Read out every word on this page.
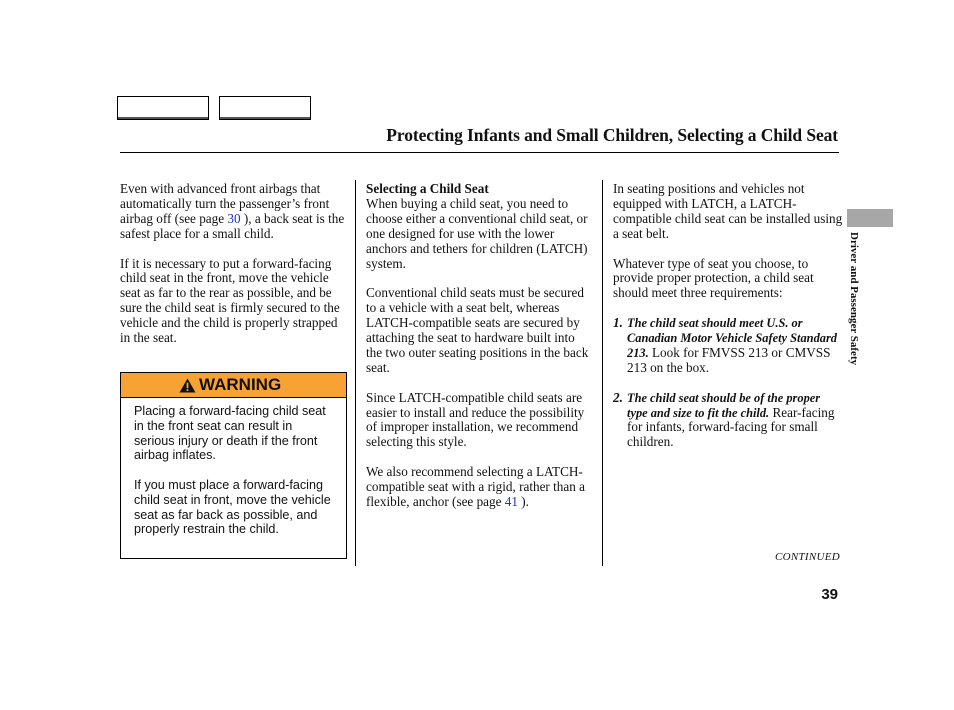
Protecting Infants and Small Children, Selecting a Child Seat

Even with advanced front airbags that automatically turn the passenger’s front airbag off (see page 30 ), a back seat is the safest place for a small child.

If it is necessary to put a forward-facing child seat in the front, move the vehicle seat as far to the rear as possible, and be sure the child seat is firmly secured to the vehicle and the child is properly strapped in the seat.

WARNING

Placing a forward-facing child seat in the front seat can result in serious injury or death if the front airbag inflates.

If you must place a forward-facing child seat in front, move the vehicle seat as far back as possible, and properly restrain the child.

Selecting a Child Seat

When buying a child seat, you need to choose either a conventional child seat, or one designed for use with the lower anchors and tethers for children (LATCH) system.

Conventional child seats must be secured to a vehicle with a seat belt, whereas LATCH-compatible seats are secured by attaching the seat to hardware built into the two outer seating positions in the back seat.

Since LATCH-compatible child seats are easier to install and reduce the possibility of improper installation, we recommend selecting this style.

We also recommend selecting a LATCH-compatible seat with a rigid, rather than a flexible, anchor (see page 41 ).

In seating positions and vehicles not equipped with LATCH, a LATCH-compatible child seat can be installed using a seat belt.

Whatever type of seat you choose, to provide proper protection, a child seat should meet three requirements:

1. The child seat should meet U.S. or Canadian Motor Vehicle Safety Standard 213. Look for FMVSS 213 or CMVSS 213 on the box.
2. The child seat should be of the proper type and size to fit the child. Rear-facing for infants, forward-facing for small children.
CONTINUED
39
Driver and Passenger Safety
